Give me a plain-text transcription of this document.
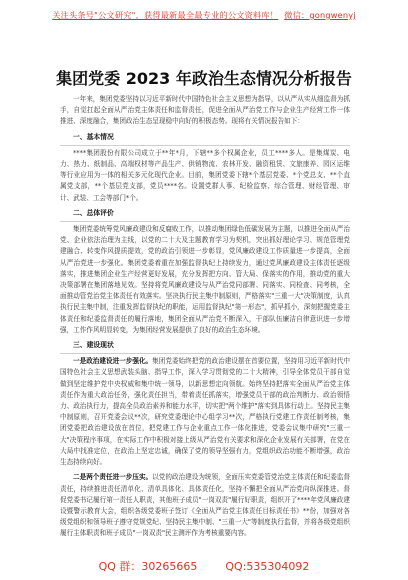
关注头条号"公文研究"，获得最新最全最专业的公文资料库！ 微信：gongwenyj
集团党委 2023 年政治生态情况分析报告

一年来，集团党委坚持以习近平新时代中国特色社会主义思想为指导，以从严从实从细监督为抓手，自觉扛起全面从严治党主体责任和监督责任，促进全面从严治党工作与企业生产经营工作一体推进、深度融合，集团政治生态呈现稳中向好的积极态势。现将有关情况报告如下：

一、基本情况

****集团股份有限公司成立于**年*月，下辖**多个权属企业，员工****多人。是集煤炭、电力、热力、纸制品、高端权材等产品生产、供销物流、农林开发、融资租赁、文旅康养、园区运维等行业应用为一体的相关多元化现代企业。目前，集团党委下辖*个基层党委、*个党总支、**个直属党支部，**个基层党支部，党员****名。设置党群人事、纪检监察、综合管理、财经管理、审计、武装、工会等部门*个。

二、总体评价

集团党委统筹党风廉政建设和反腐败工作，以推动集团绿色低碳发展为主题，以推进全面从严治党、企业依法治理为主线，以党的二十大及主题教育学习为契机，突出抓好理论学习、规范管理党建融合、转变作风提质提效，党的政治引领进一步彰显，党风廉政建设工作质量进一步提高，全面从严治党进一步强化。集团党委着重在加强监督执纪上持续发力，通过党风廉政建设主体责任逐级落实，推进集团企业生产经营更好发展，充分发挥把方向、管大局、保落实的作用，推动党的重大决策部署在集团落地见效。坚持将党风廉政建设与从严治党同部署、同落实、同检查、同考核，全面推动管党治党主体责任有效落实。坚决执行民主集中制原则，严格落实"三重一大"决策制度，认真执行民主集中制，注重发挥监督执纪的职能，运用监督执纪"第一形态"，抓早抓小，深刻把握党委主体责任和纪委监督责任的履行落地，集团全面从严治党不断深入，干部队伍廉洁自律意识进一步增强，工作作风明显转变，为集团经营发展提供了良好的政治生态环境。

三、建设现状

一是政治建设进一步强化。集团党委始终把党的政治建设摆在首要位置，坚持用习近平新时代中国特色社会主义思想武装头脑、指导工作，深入学习贯彻党的二十大精神，引导全体党员干部自觉做到坚定维护党中央权威和集中统一领导，以新思想定向领航。始终坚持把落实全面从严治党主体责任作为重大政治任务，强化责任担当，带着责任抓落实，增强党员干部的政治判断力、政治领悟力、政治执行力，提高全员政治素养和能力水平，切实把"两个维护"落实到具体行动上。坚持民主集中制原则，召开党委会议**次，研究党委理论中心组学习**次，严格执行党建工作责任制考核，集团党委把政治建设放在首位，把党建工作与企业重点工作一体化推进，党委会议集中研究"三重一大"决策程序事项，在实际工作中积极对接上级从严治党有关要求和深化企业发展有关部署，在党在大局中找准定位，在政治上坚定忠诚，确保了党的领导坚强有力，党组织政治功能不断增强，政治生态持续向好。

二是两个责任进一步压实。以党的政治建设为统领，全面压实党委管党治党主体责任和纪委监督责任，持续推进责任清单化、清单具体化、具体责任化，坚持不懈把全面从严治党向纵深推进。督促党委书记履行第一责任人职责，其他班子成员"一岗双责"履行好职责，组织开了****年党风廉政建设暨警示教育大会，组织各级党委班子签订《全面从严治党主体责任目标责任书》**份，加强对各级党组织和领导班子遵守党规党纪、坚持民主集中制、"三重一大"等制度执行监督，并将各级党组织履行主体职责和班子成员"一岗双责"民主测评作为考核重要内容。

QQ 群：30265665	QQ:535304092
